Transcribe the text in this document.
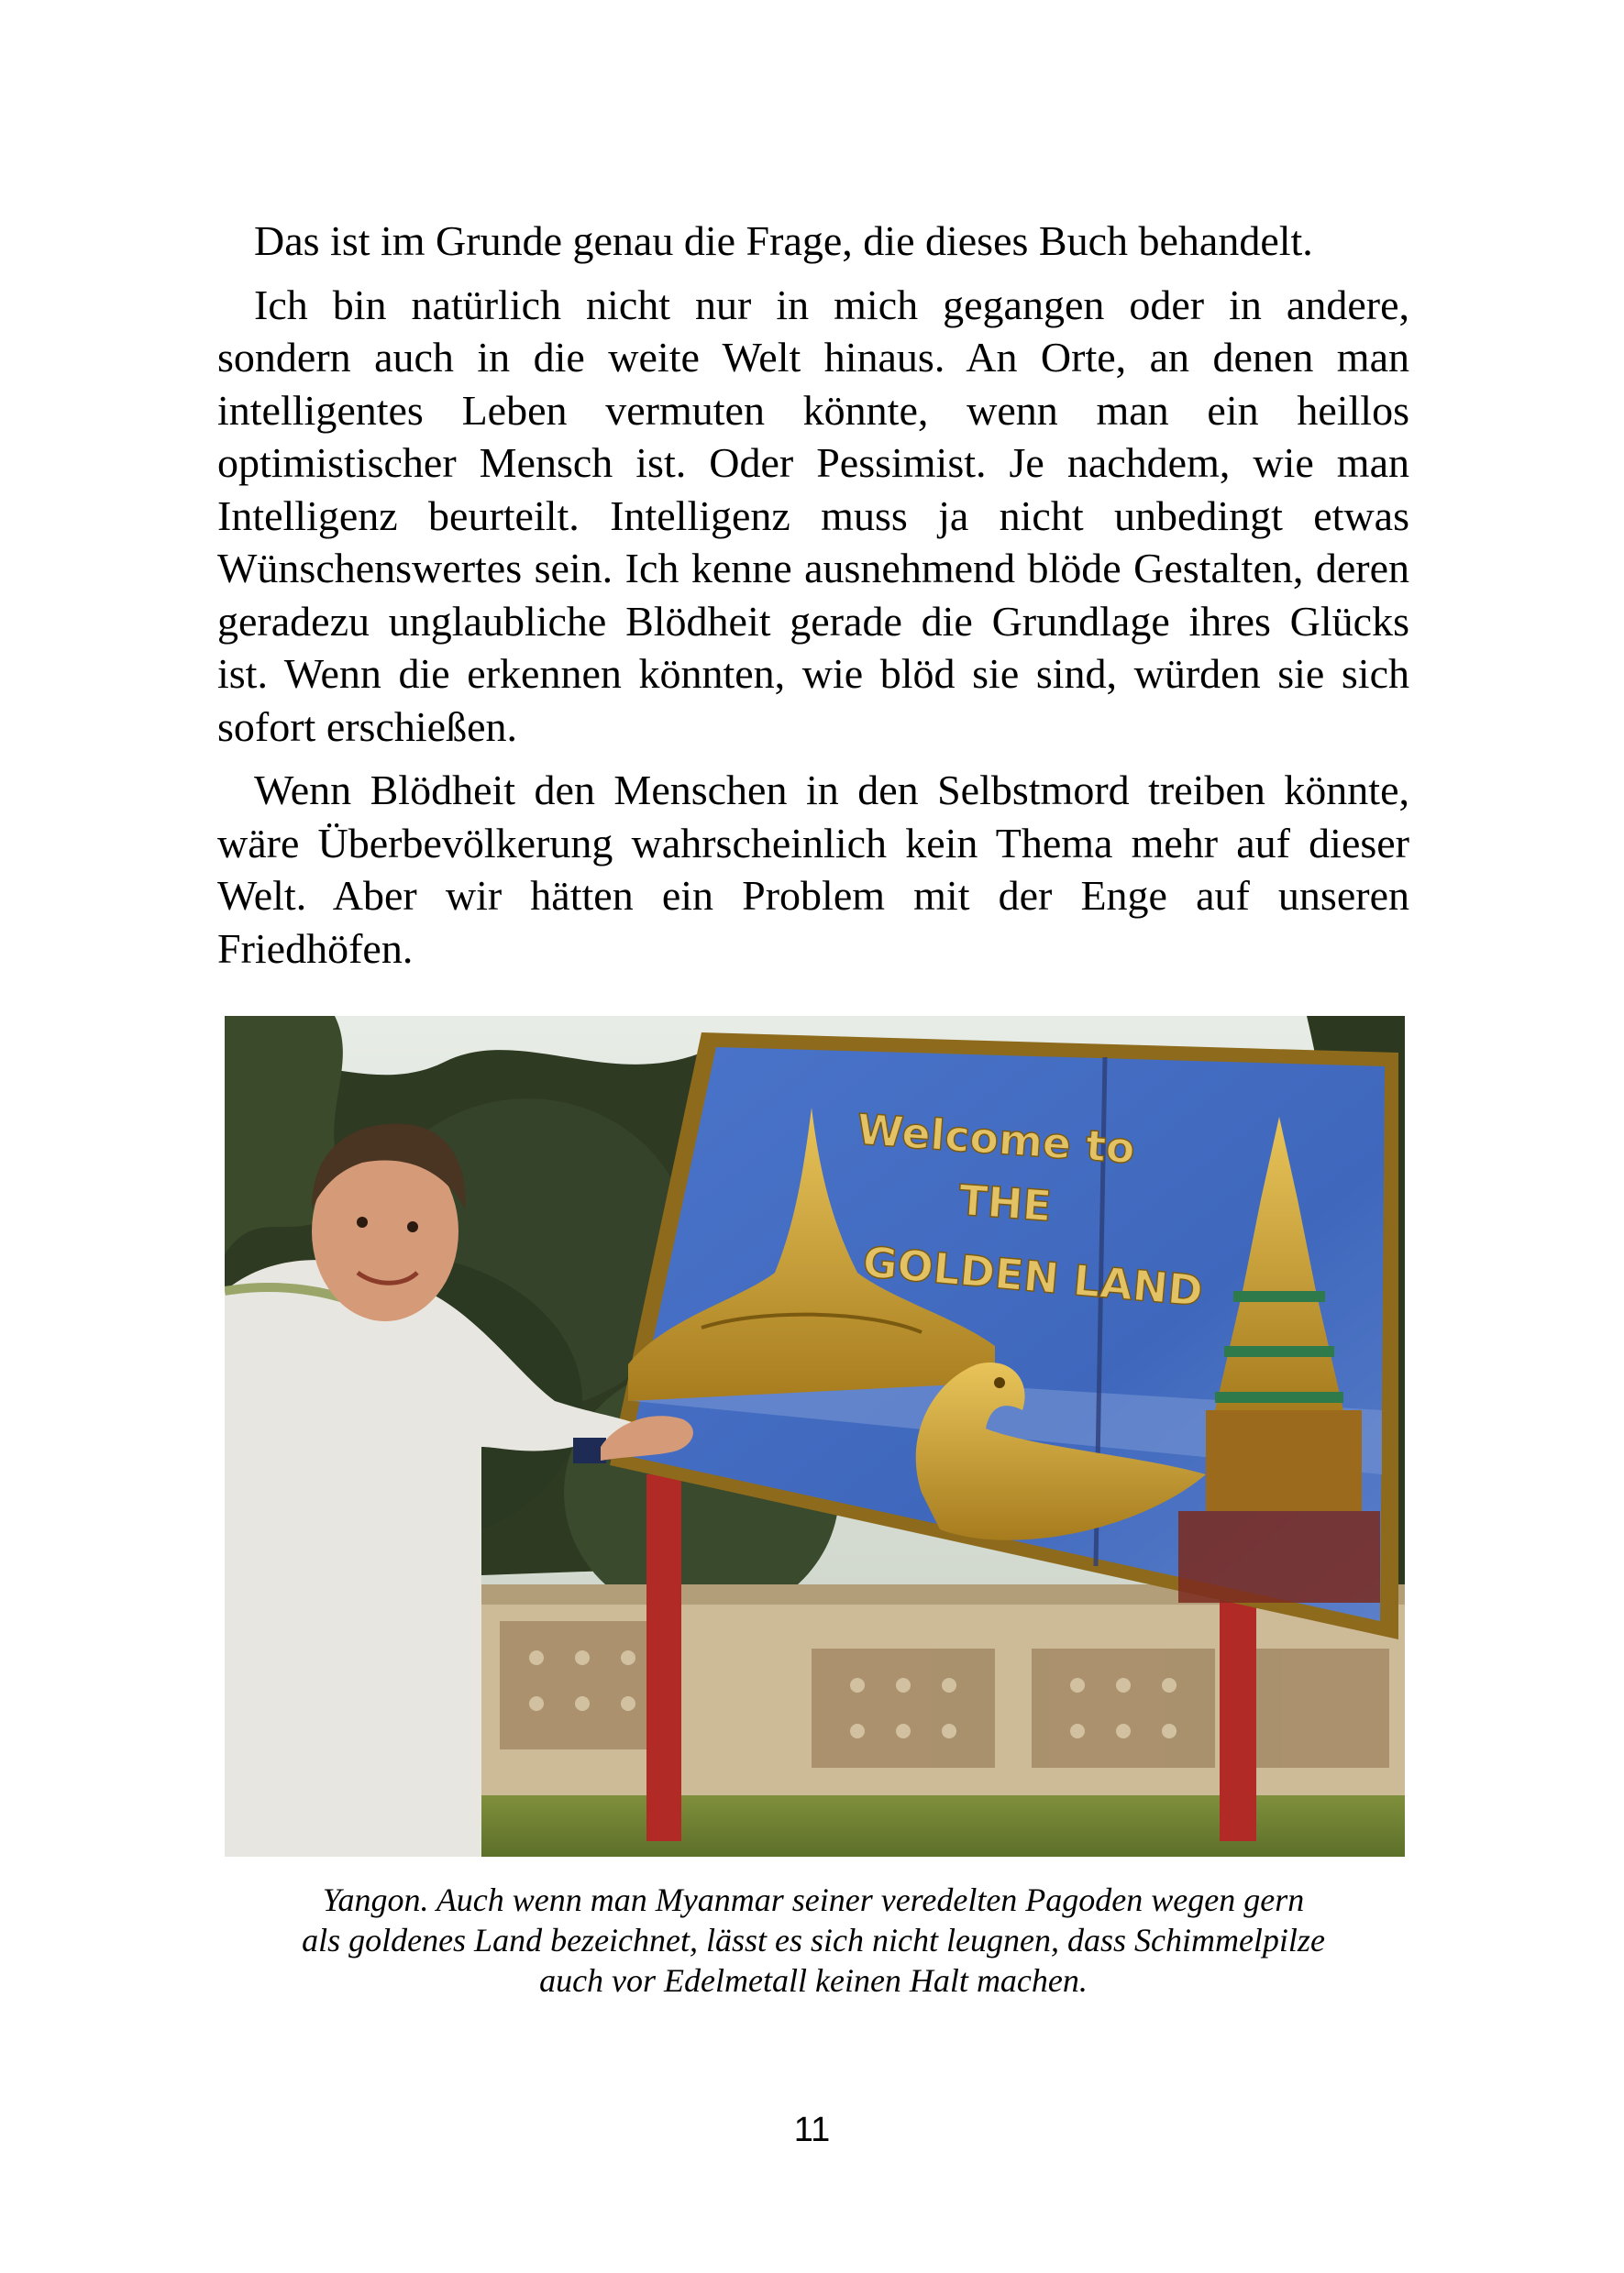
Das ist im Grunde genau die Frage, die dieses Buch behandelt.

Ich bin natürlich nicht nur in mich gegangen oder in andere, sondern auch in die weite Welt hinaus. An Orte, an denen man intelligentes Leben vermuten könnte, wenn man ein heillos optimistischer Mensch ist. Oder Pessimist. Je nachdem, wie man Intelligenz beurteilt. Intelligenz muss ja nicht unbedingt etwas Wünschenswertes sein. Ich kenne ausnehmend blöde Gestalten, deren geradezu unglaubliche Blödheit gerade die Grundlage ihres Glücks ist. Wenn die erkennen könnten, wie blöd sie sind, würden sie sich sofort erschießen.

Wenn Blödheit den Menschen in den Selbstmord treiben könnte, wäre Überbevölkerung wahrscheinlich kein Thema mehr auf dieser Welt. Aber wir hätten ein Problem mit der Enge auf unseren Friedhöfen.

Welcome to
THE
GOLDEN LAND
Yangon. Auch wenn man Myanmar seiner veredelten Pagoden wegen gern
als goldenes Land bezeichnet, lässt es sich nicht leugnen, dass Schimmelpilze
auch vor Edelmetall keinen Halt machen.
11
